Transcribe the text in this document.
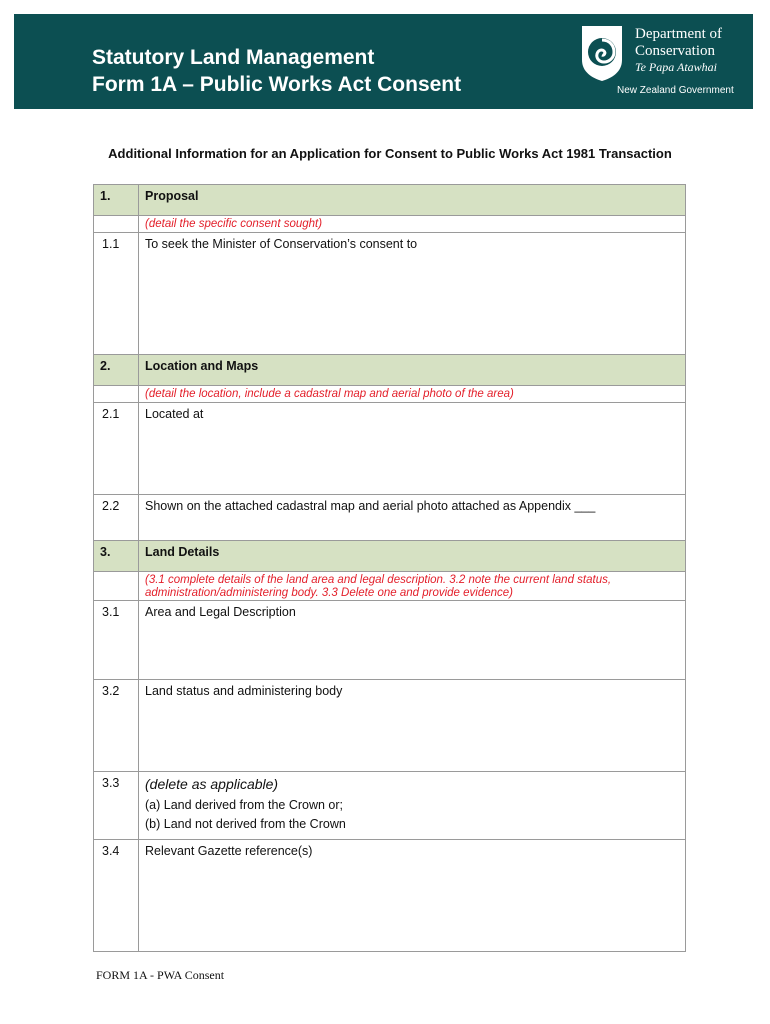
Statutory Land Management
Form 1A – Public Works Act Consent
Department of
Conservation
Te Papa Atawhai
New Zealand Government
Additional Information for an Application for Consent to Public Works Act 1981 Transaction
1.	Proposal

	(detail the specific consent sought)

1.1	To seek the Minister of Conservation’s consent to

2.	Location and Maps

	(detail the location, include a cadastral map and aerial photo of the area)

2.1	Located at

2.2	Shown on the attached cadastral map and aerial photo attached as Appendix ___

3.	Land Details

	(3.1 complete details of the land area and legal description. 3.2 note the current land status, administration/administering body. 3.3 Delete one and provide evidence)

3.1	Area and Legal Description

3.2	Land status and administering body

3.3	(delete as applicable)
(a) Land derived from the Crown or;
(b) Land not derived from the Crown

3.4	Relevant Gazette reference(s)
FORM 1A - PWA Consent
